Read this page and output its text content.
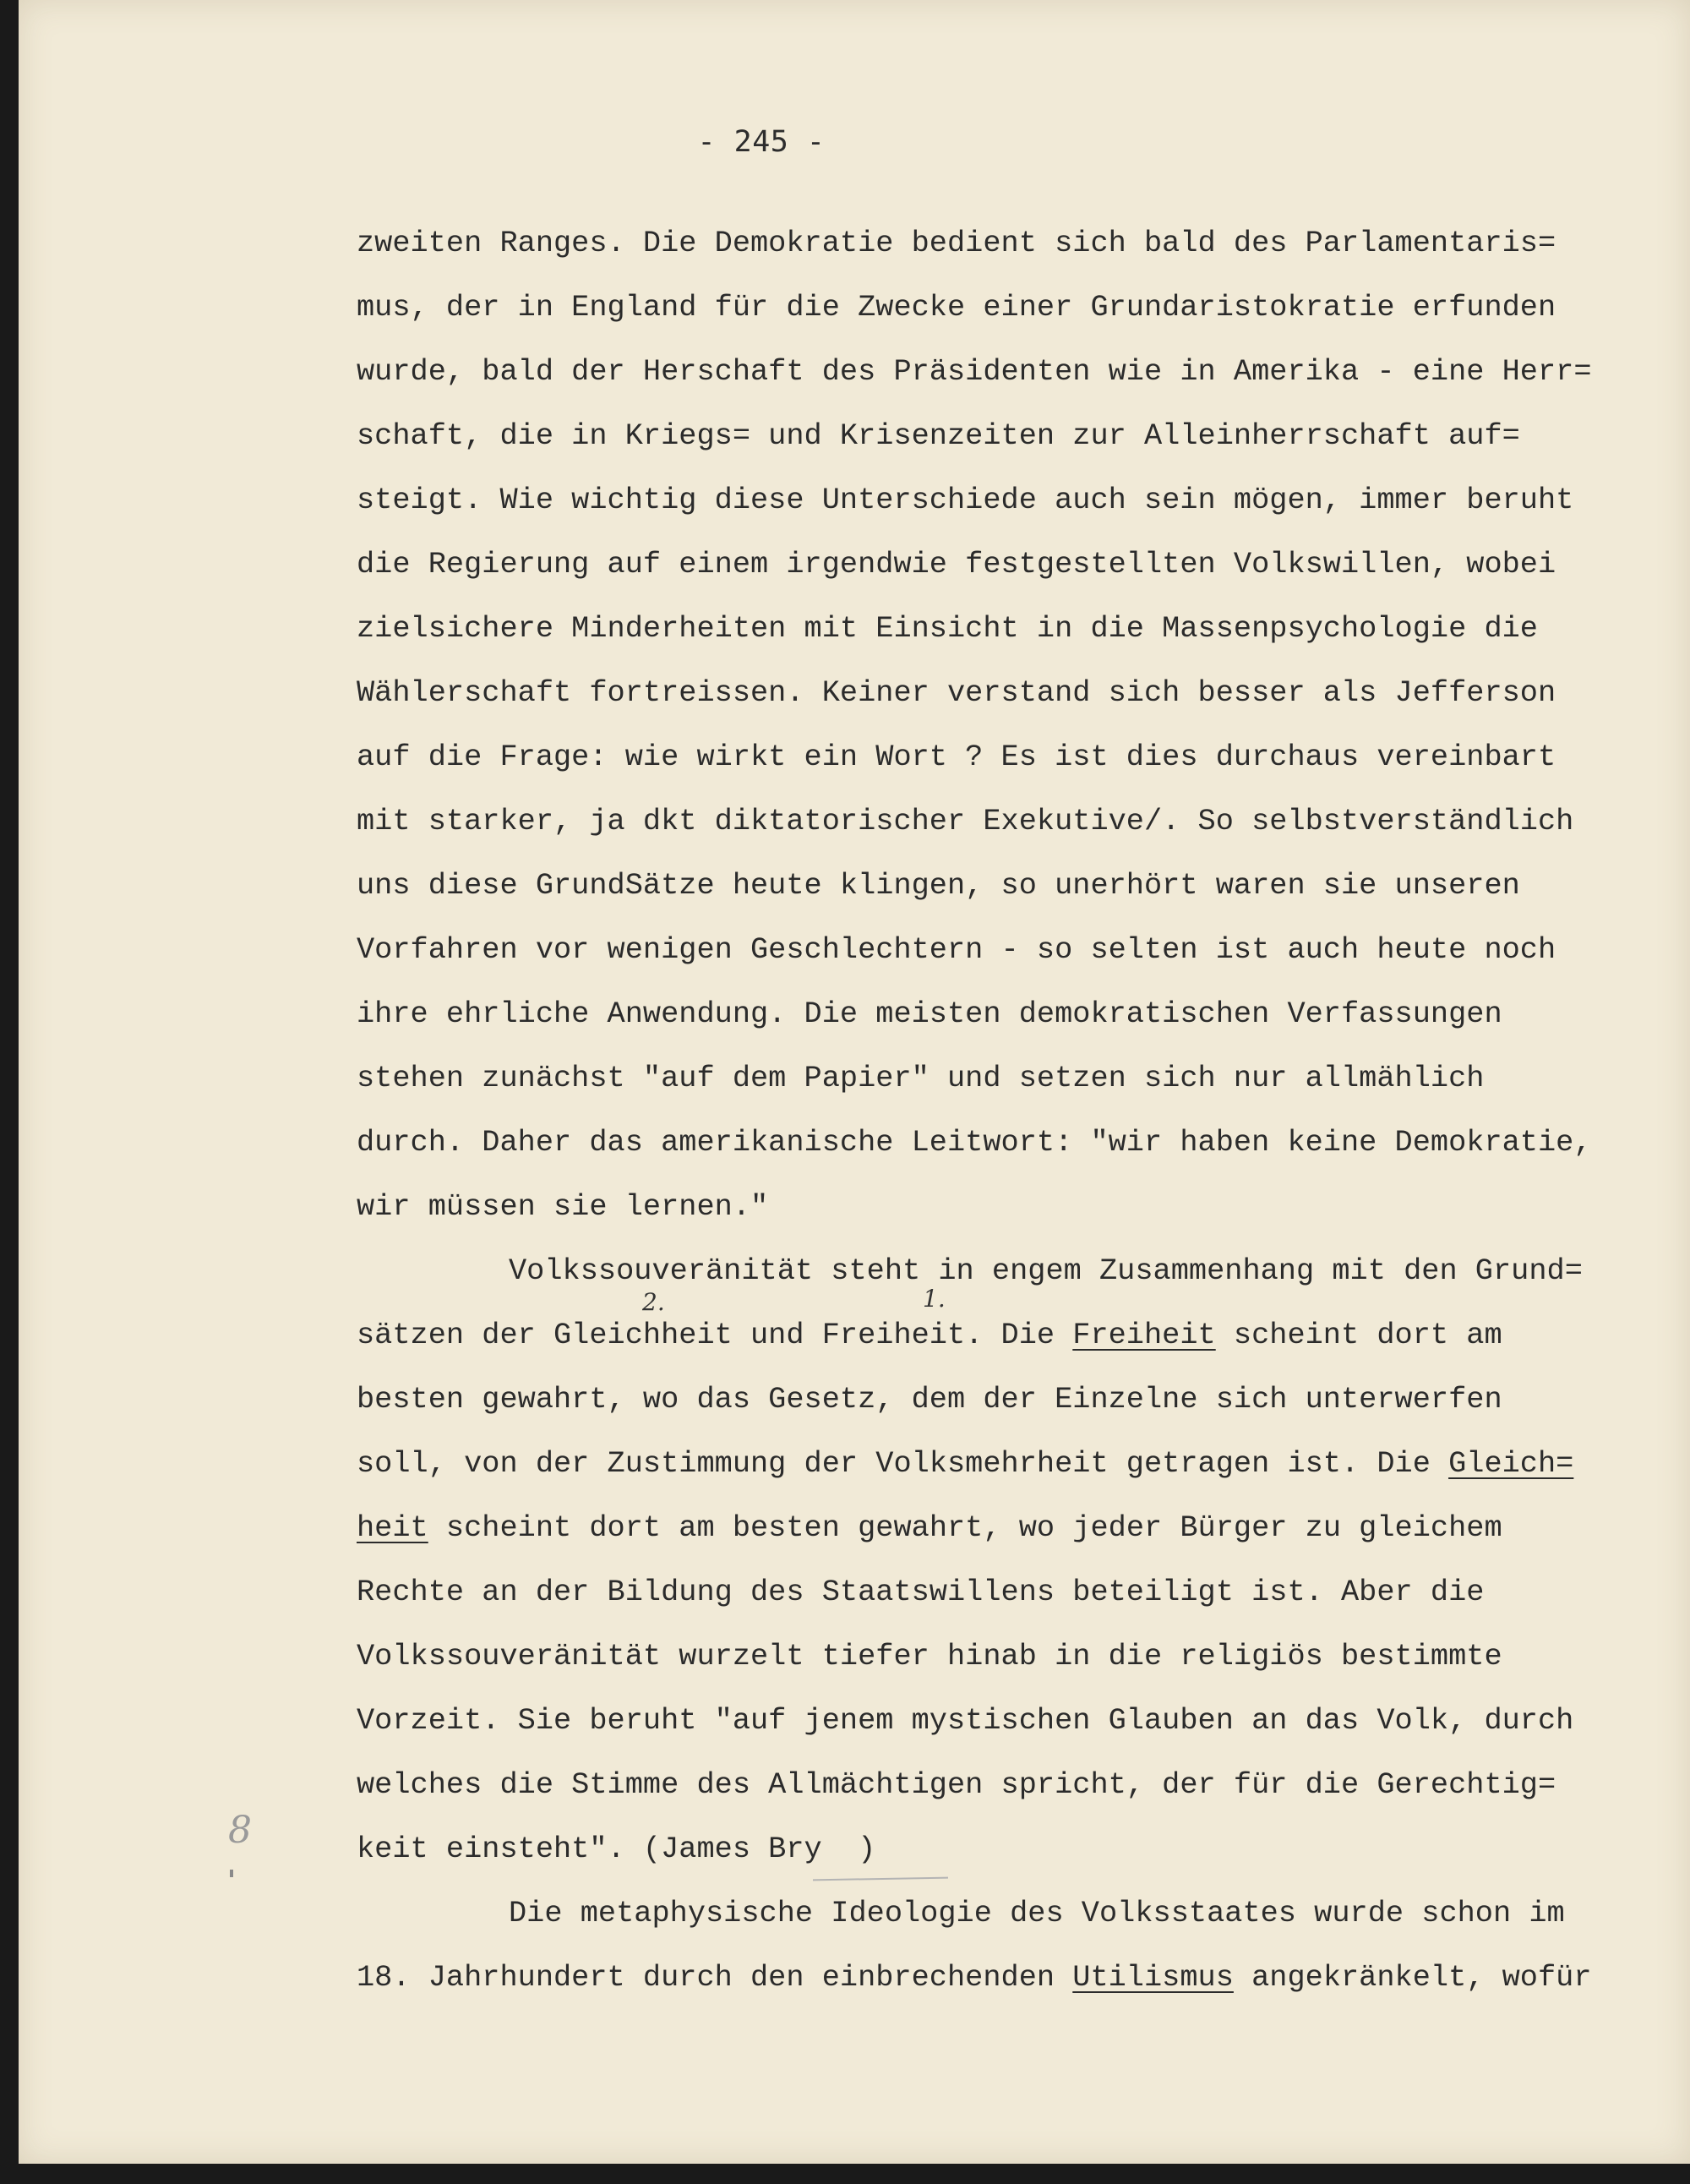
- 245 -
zweiten Ranges. Die Demokratie bedient sich bald des Parlamentaris=
mus, der in England für die Zwecke einer Grundaristokratie erfunden
wurde, bald der Herschaft des Präsidenten wie in Amerika - eine Herr=
schaft, die in Kriegs= und Krisenzeiten zur Alleinherrschaft auf=
steigt. Wie wichtig diese Unterschiede auch sein mögen, immer beruht
die Regierung auf einem irgendwie festgestellten Volkswillen, wobei
zielsichere Minderheiten mit Einsicht in die Massenpsychologie die
Wählerschaft fortreissen. Keiner verstand sich besser als Jefferson
auf die Frage: wie wirkt ein Wort ? Es ist dies durchaus vereinbart
mit starker, ja dkt diktatorischer Exekutive/. So selbstverständlich
uns diese GrundSätze heute klingen, so unerhört waren sie unseren
Vorfahren vor wenigen Geschlechtern - so selten ist auch heute noch
ihre ehrliche Anwendung. Die meisten demokratischen Verfassungen
stehen zunächst "auf dem Papier" und setzen sich nur allmählich
durch. Daher das amerikanische Leitwort: "wir haben keine Demokratie,
wir müssen sie lernen."
Volkssouveränität steht in engem Zusammenhang mit den Grund=
sätzen der Gleichheit und Freiheit. Die Freiheit scheint dort am
besten gewahrt, wo das Gesetz, dem der Einzelne sich unterwerfen
soll, von der Zustimmung der Volksmehrheit getragen ist. Die Gleich=
heit scheint dort am besten gewahrt, wo jeder Bürger zu gleichem
Rechte an der Bildung des Staatswillens beteiligt ist. Aber die
Volkssouveränität wurzelt tiefer hinab in die religiös bestimmte
Vorzeit. Sie beruht "auf jenem mystischen Glauben an das Volk, durch
welches die Stimme des Allmächtigen spricht, der für die Gerechtig=
keit einsteht". (James Bry  )
Die metaphysische Ideologie des Volksstaates wurde schon im
18. Jahrhundert durch den einbrechenden Utilismus angekränkelt, wofür
2.	1.
8
